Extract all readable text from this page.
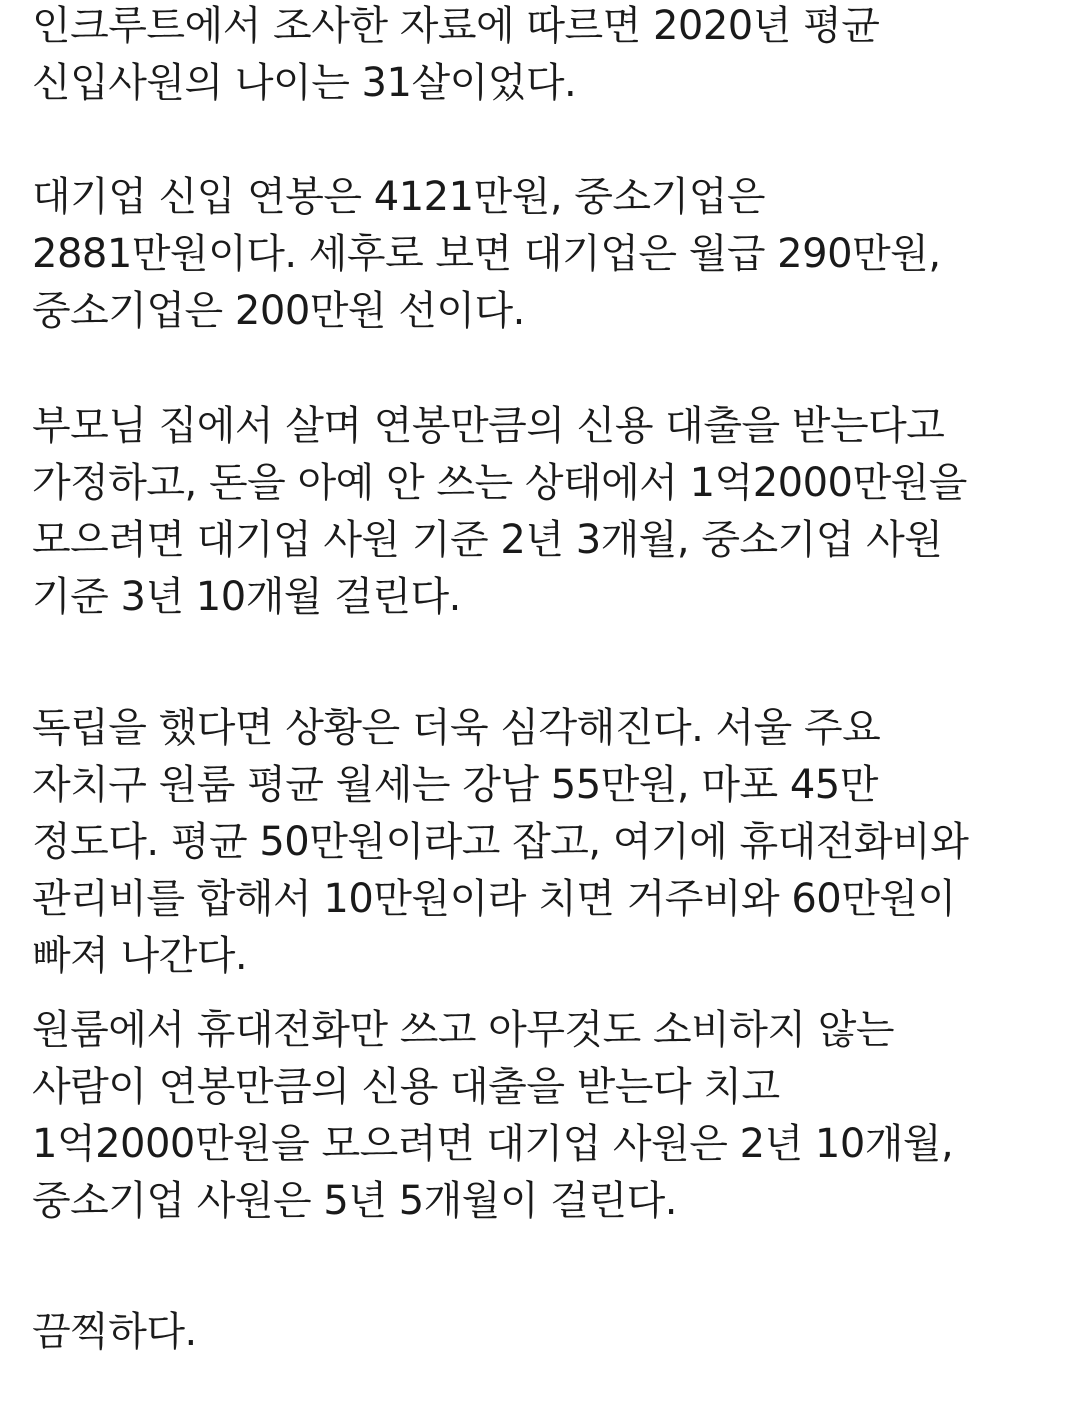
인크루트에서 조사한 자료에 따르면 2020년 평균
신입사원의 나이는 31살이었다.
대기업 신입 연봉은 4121만원, 중소기업은
2881만원이다. 세후로 보면 대기업은 월급 290만원,
중소기업은 200만원 선이다.
부모님 집에서 살며 연봉만큼의 신용 대출을 받는다고
가정하고, 돈을 아예 안 쓰는 상태에서 1억2000만원을
모으려면 대기업 사원 기준 2년 3개월, 중소기업 사원
기준 3년 10개월 걸린다.
독립을 했다면 상황은 더욱 심각해진다. 서울 주요
자치구 원룸 평균 월세는 강남 55만원, 마포 45만
정도다. 평균 50만원이라고 잡고, 여기에 휴대전화비와
관리비를 합해서 10만원이라 치면 거주비와 60만원이
빠져 나간다.
원룸에서 휴대전화만 쓰고 아무것도 소비하지 않는
사람이 연봉만큼의 신용 대출을 받는다 치고
1억2000만원을 모으려면 대기업 사원은 2년 10개월,
중소기업 사원은 5년 5개월이 걸린다.
끔찍하다.
